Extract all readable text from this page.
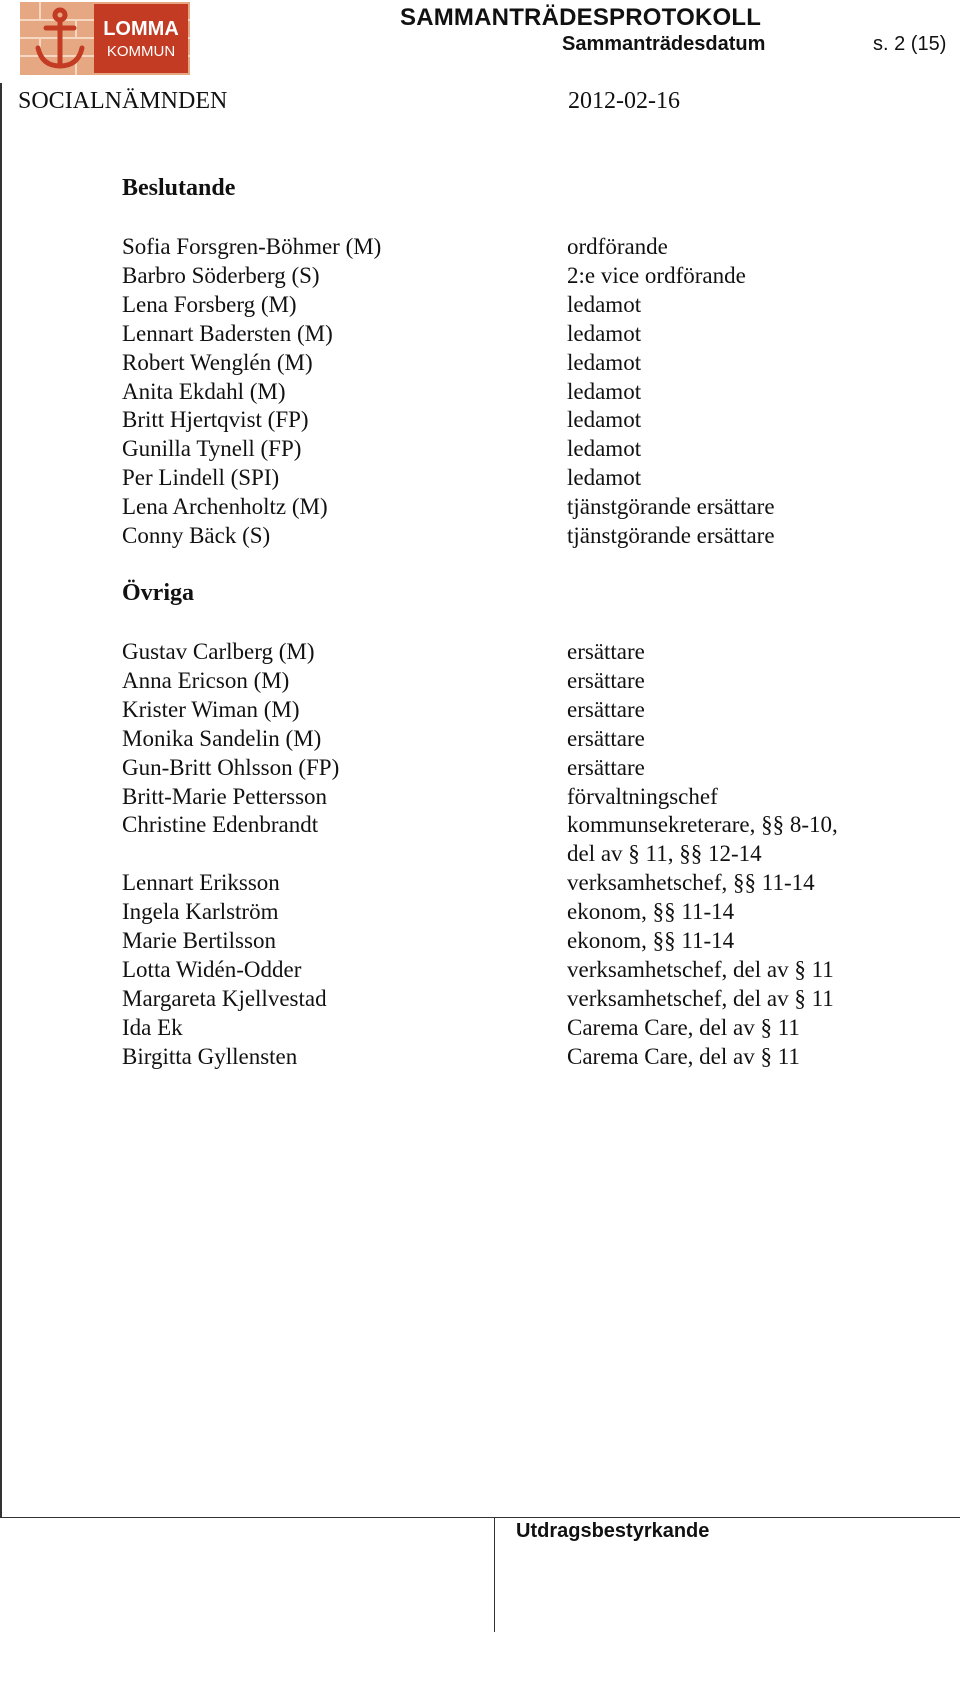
LOMMA
KOMMUN
SAMMANTRÄDESPROTOKOLL
Sammanträdesdatum	s. 2 (15)
SOCIALNÄMNDEN	2012-02-16
Beslutande
Sofia Forsgren-Böhmer (M)	ordförande
Barbro Söderberg (S)	2:e vice ordförande
Lena Forsberg (M)	ledamot
Lennart Badersten (M)	ledamot
Robert Wenglén (M)	ledamot
Anita Ekdahl (M)	ledamot
Britt Hjertqvist (FP)	ledamot
Gunilla Tynell (FP)	ledamot
Per Lindell (SPI)	ledamot
Lena Archenholtz (M)	tjänstgörande ersättare
Conny Bäck (S)	tjänstgörande ersättare
Övriga
Gustav Carlberg (M)	ersättare
Anna Ericson (M)	ersättare
Krister Wiman (M)	ersättare
Monika Sandelin (M)	ersättare
Gun-Britt Ohlsson (FP)	ersättare
Britt-Marie Pettersson	förvaltningschef
Christine Edenbrandt	kommunsekreterare, §§ 8-10,
del av § 11, §§ 12-14
Lennart Eriksson	verksamhetschef, §§ 11-14
Ingela Karlström	ekonom, §§ 11-14
Marie Bertilsson	ekonom, §§ 11-14
Lotta Widén-Odder	verksamhetschef, del av § 11
Margareta Kjellvestad	verksamhetschef, del av § 11
Ida Ek	Carema Care, del av § 11
Birgitta Gyllensten	Carema Care, del av § 11
Utdragsbestyrkande
